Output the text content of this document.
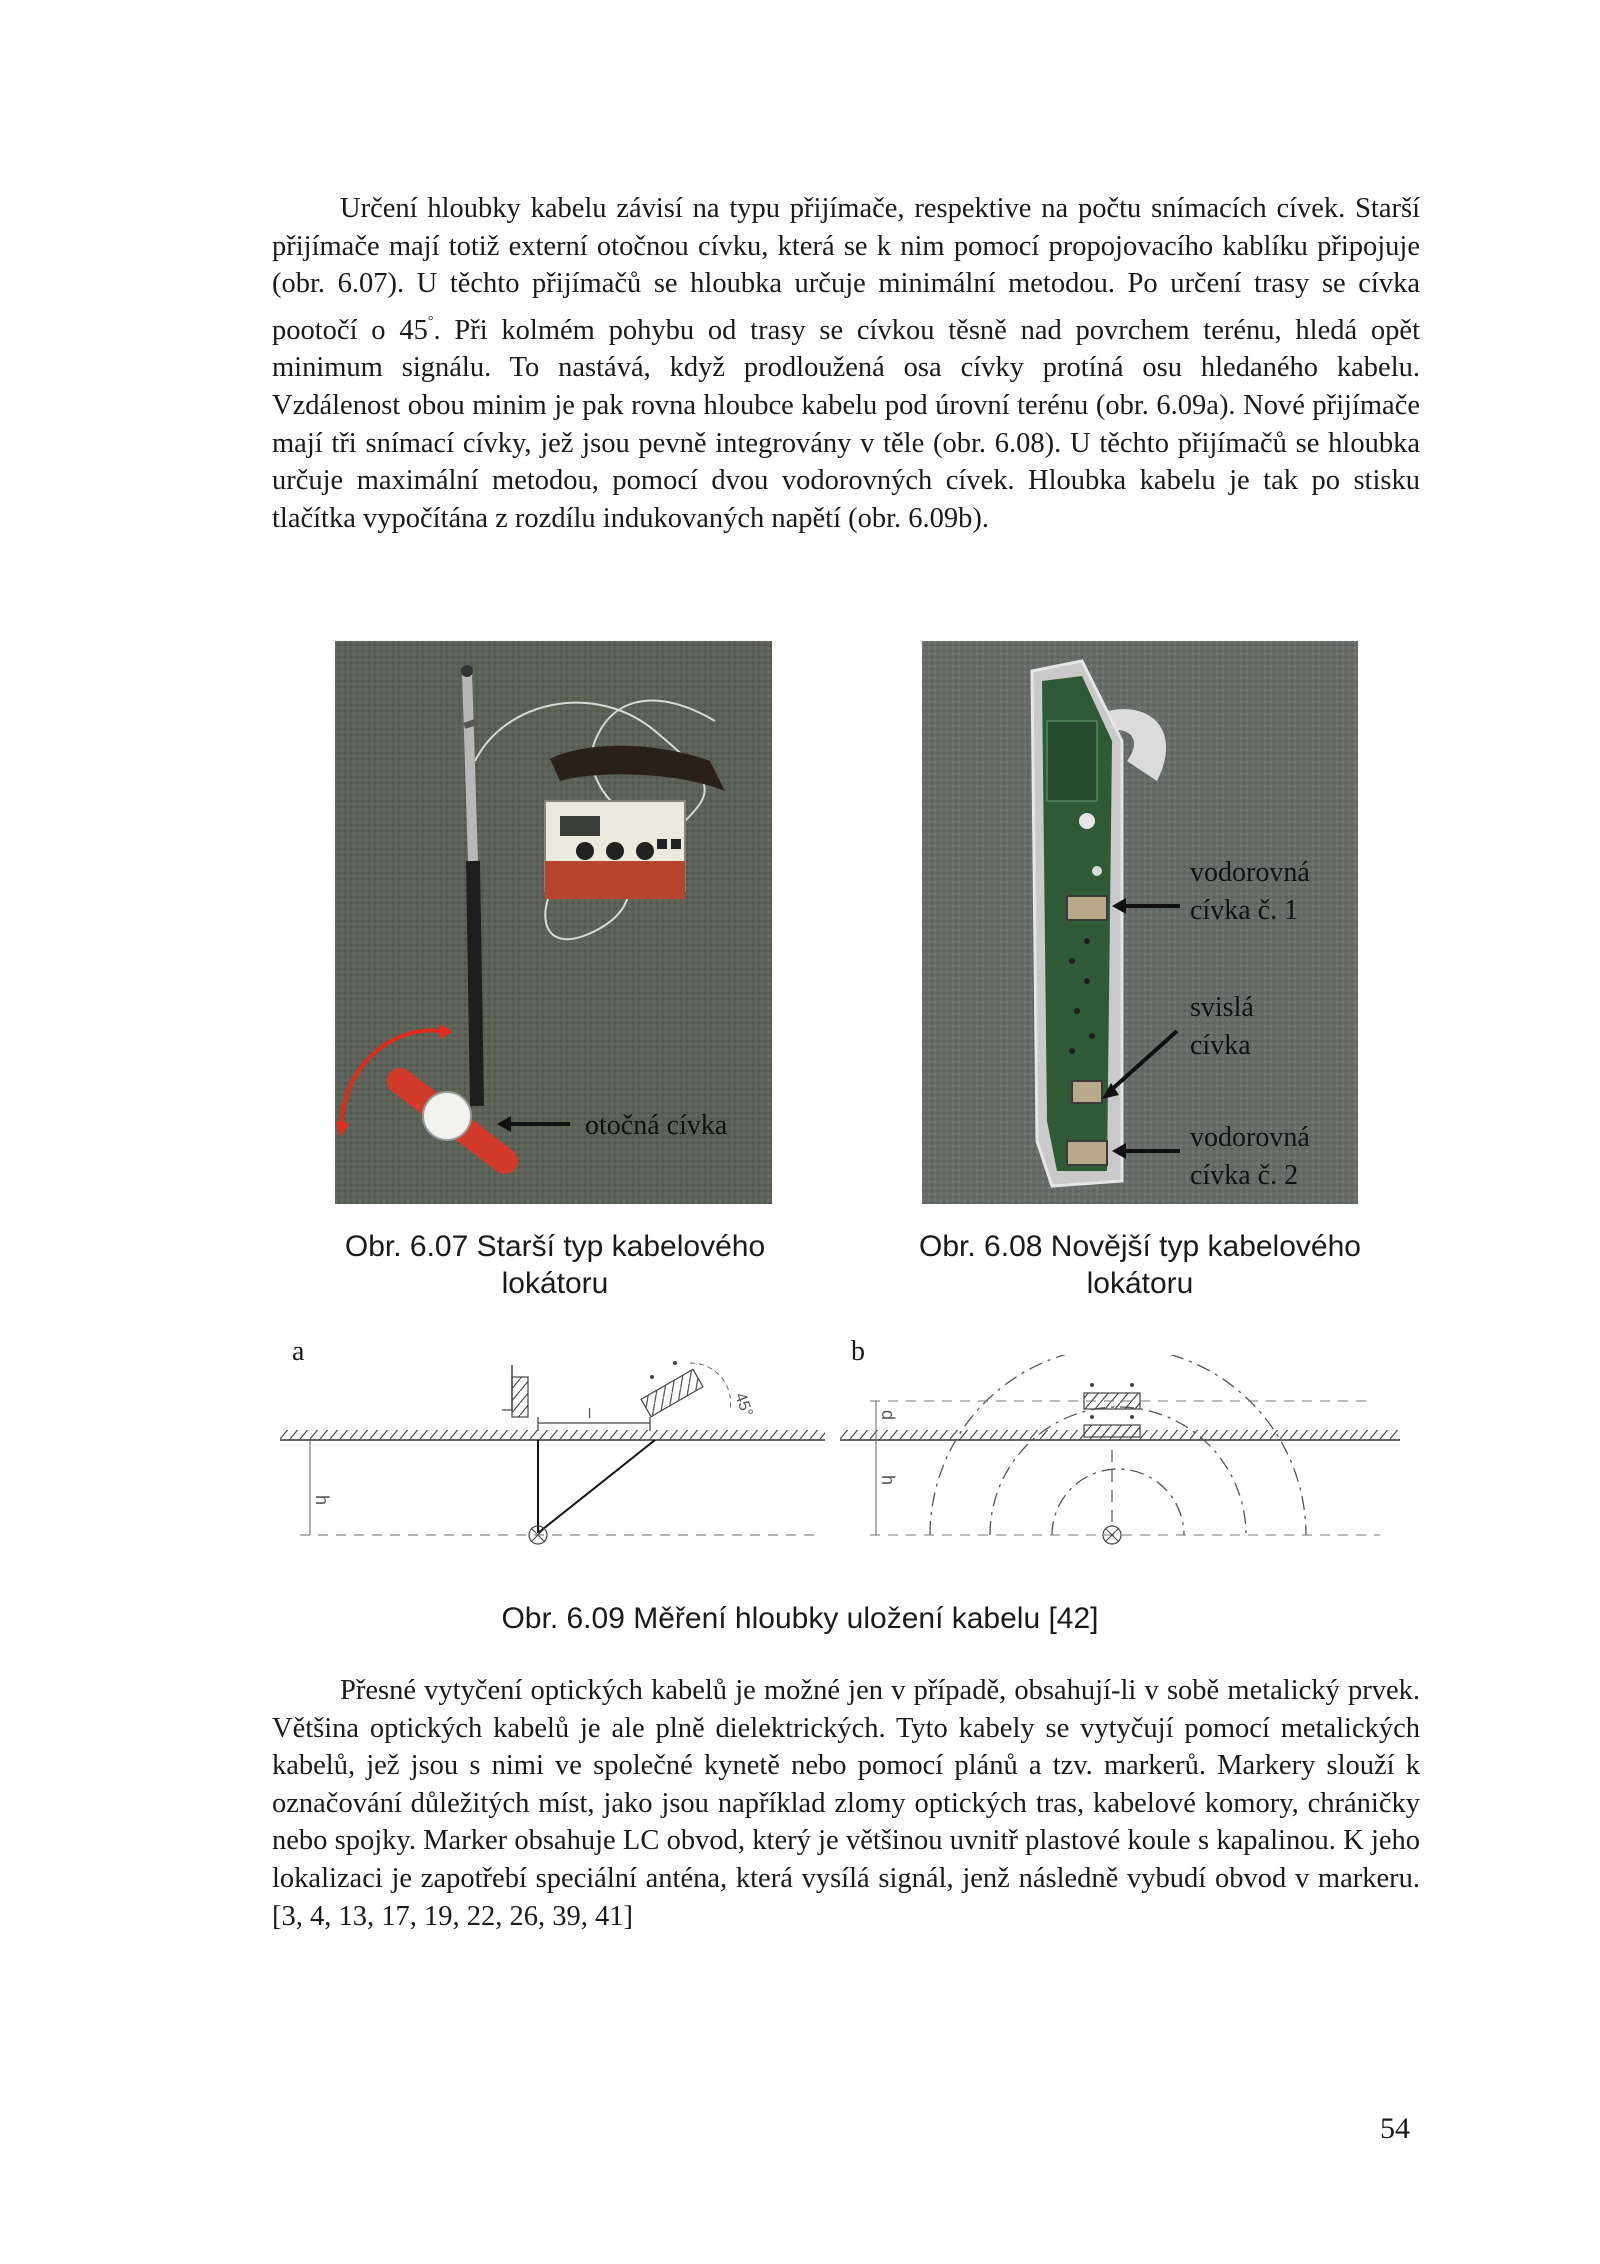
Určení hloubky kabelu závisí na typu přijímače, respektive na počtu snímacích cívek. Starší přijímače mají totiž externí otočnou cívku, která se k nim pomocí propojovacího kablíku připojuje (obr. 6.07). U těchto přijímačů se hloubka určuje minimální metodou. Po určení trasy se cívka pootočí o 45°. Při kolmém pohybu od trasy se cívkou těsně nad povrchem terénu, hledá opět minimum signálu. To nastává, když prodloužená osa cívky protíná osu hledaného kabelu. Vzdálenost obou minim je pak rovna hloubce kabelu pod úrovní terénu (obr. 6.09a). Nové přijímače mají tři snímací cívky, jež jsou pevně integrovány v těle (obr. 6.08). U těchto přijímačů se hloubka určuje maximální metodou, pomocí dvou vodorovných cívek. Hloubka kabelu je tak po stisku tlačítka vypočítána z rozdílu indukovaných napětí (obr. 6.09b).

otočná cívka
vodorovná
cívka č. 1
svislá
cívka
vodorovná
cívka č. 2
Obr. 6.07 Starší typ kabelového
lokátoru
Obr. 6.08 Novější typ kabelového
lokátoru
a	b
45°
l
h
d
h
Obr. 6.09 Měření hloubky uložení kabelu [42]

Přesné vytyčení optických kabelů je možné jen v případě, obsahují-li v sobě metalický prvek. Většina optických kabelů je ale plně dielektrických. Tyto kabely se vytyčují pomocí metalických kabelů, jež jsou s nimi ve společné kynetě nebo pomocí plánů a tzv. markerů. Markery slouží k označování důležitých míst, jako jsou například zlomy optických tras, kabelové komory, chráničky nebo spojky. Marker obsahuje LC obvod, který je většinou uvnitř plastové koule s kapalinou. K jeho lokalizaci je zapotřebí speciální anténa, která vysílá signál, jenž následně vybudí obvod v markeru. [3, 4, 13, 17, 19, 22, 26, 39, 41]

54
